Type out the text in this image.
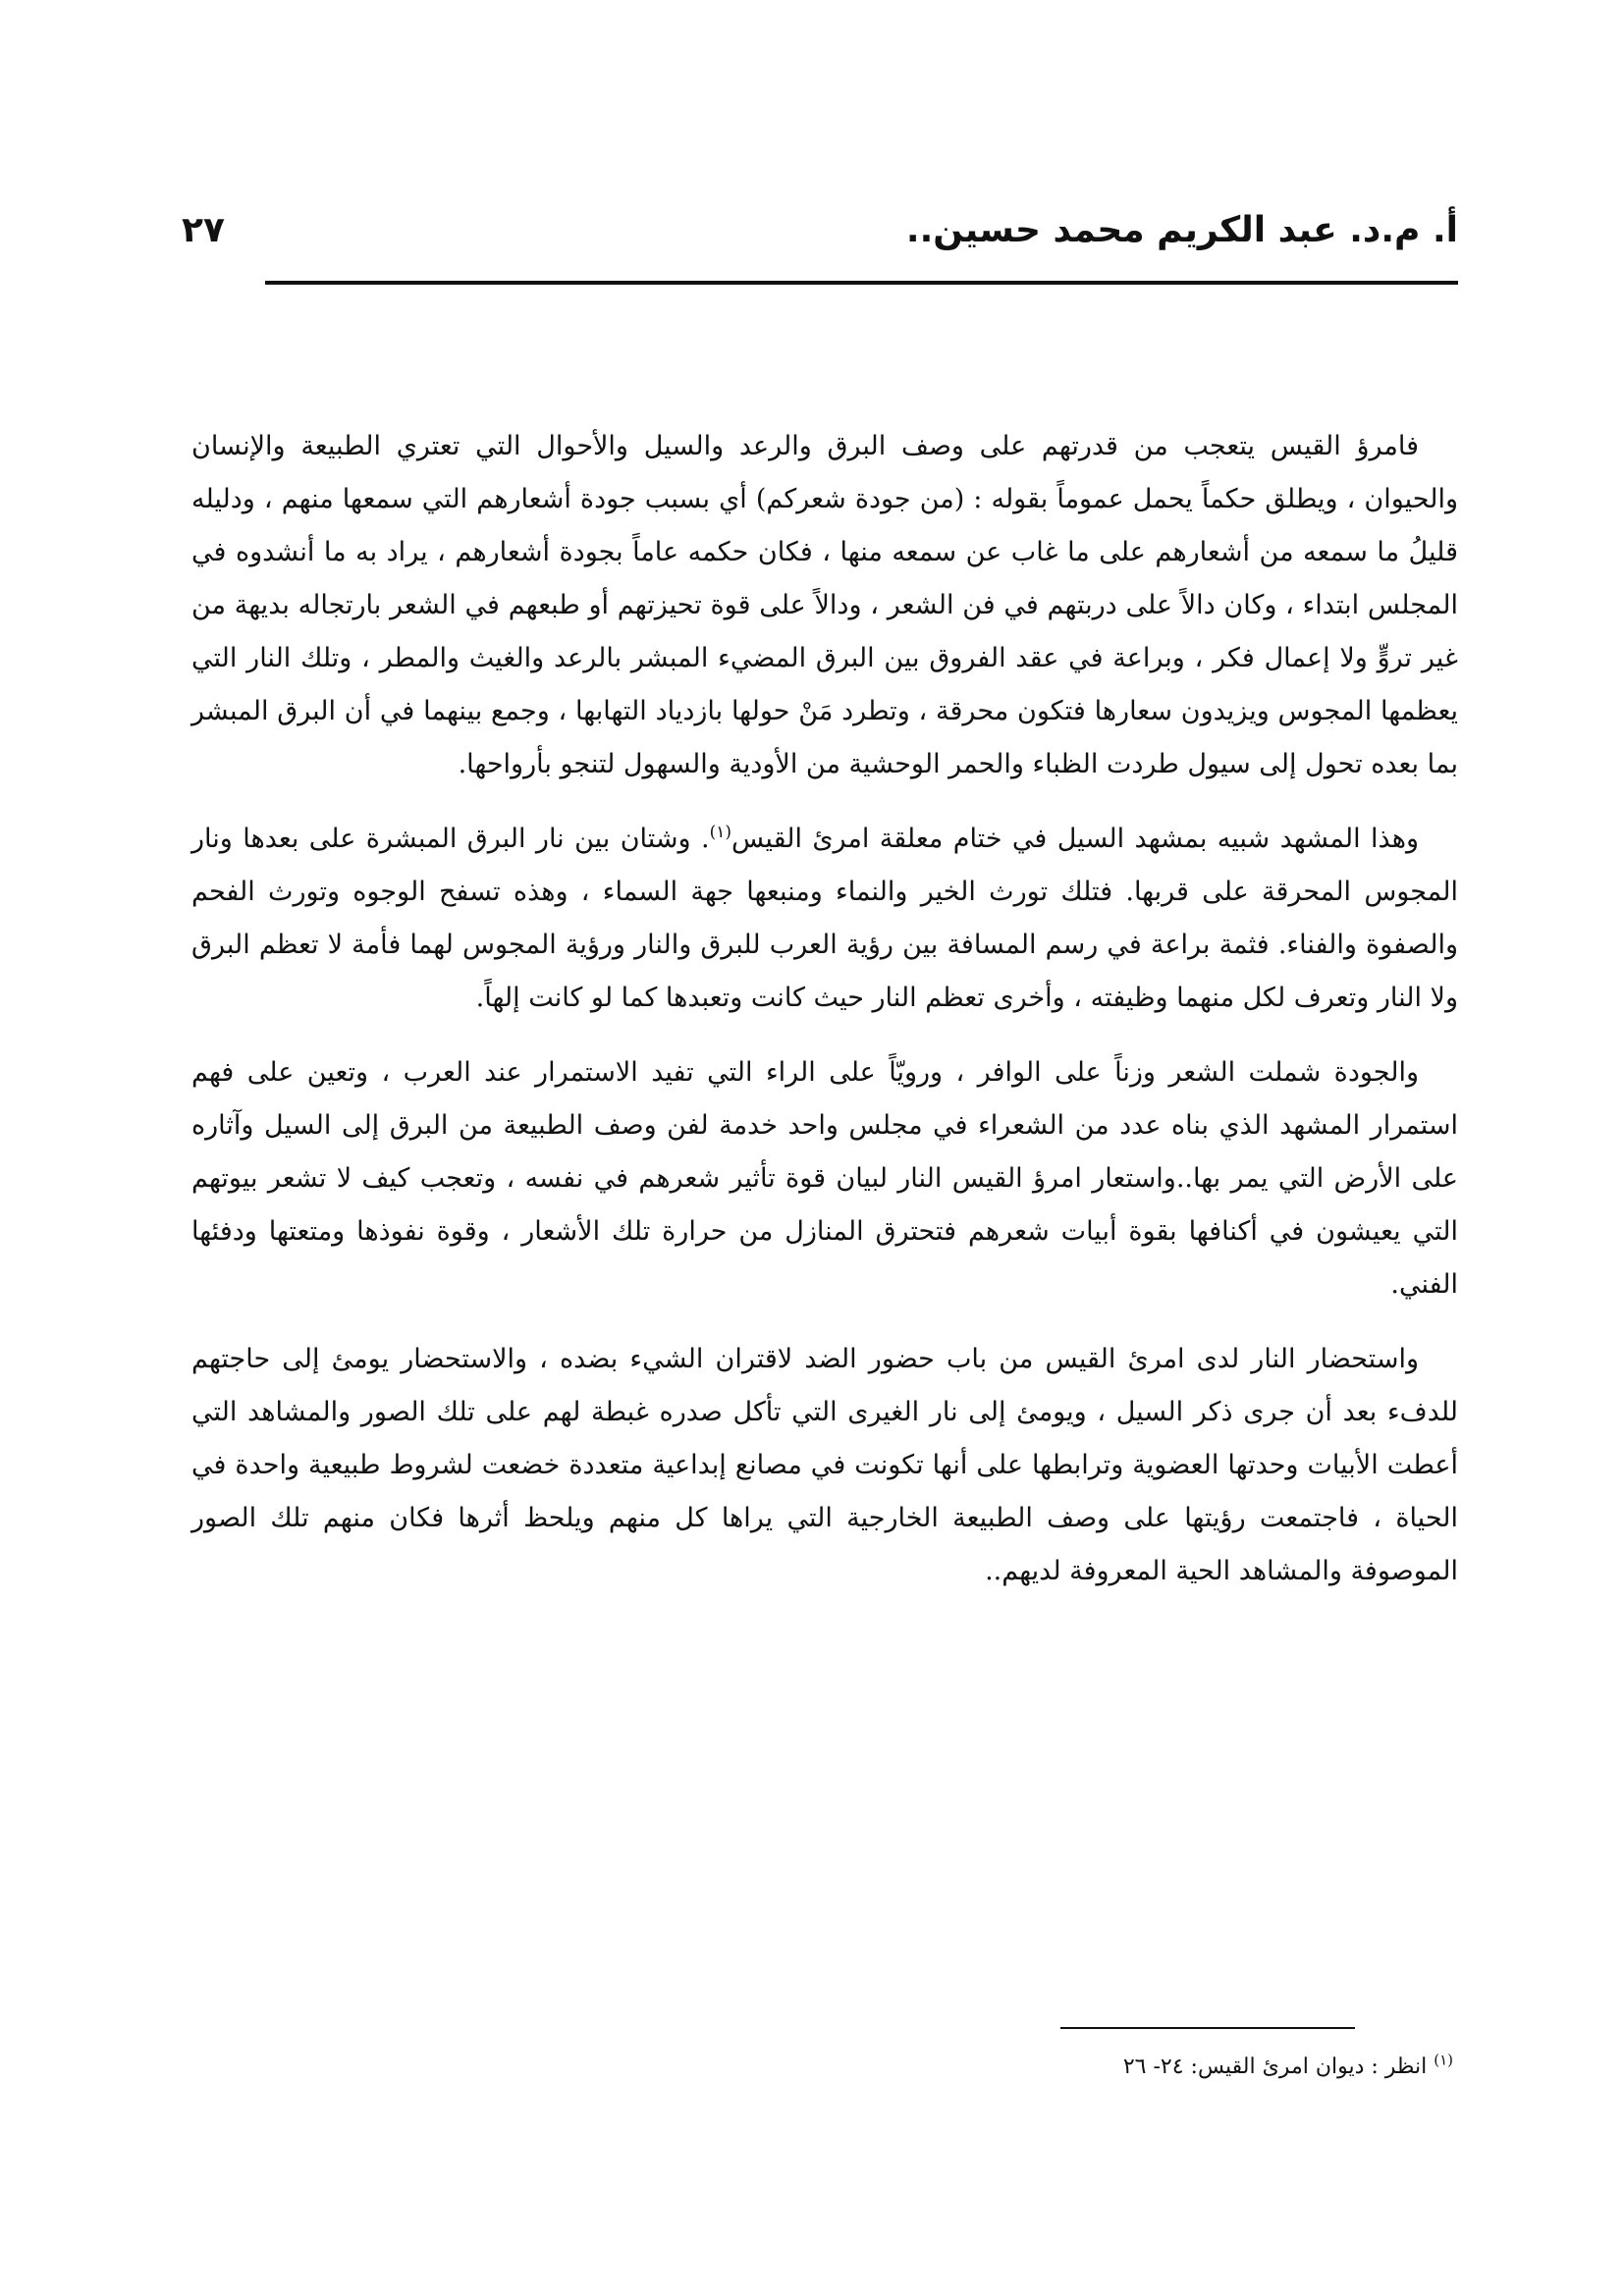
أ. م.د. عبد الكريم محمد حسين..
٢٧

فامرؤ القيس يتعجب من قدرتهم على وصف البرق والرعد والسيل والأحوال التي تعتري الطبيعة والإنسان والحيوان ، ويطلق حكماً يحمل عموماً بقوله : (من جودة شعركم) أي بسبب جودة أشعارهم التي سمعها منهم ، ودليله قليلُ ما سمعه من أشعارهم على ما غاب عن سمعه منها ، فكان حكمه عاماً بجودة أشعارهم ، يراد به ما أنشدوه في المجلس ابتداء ، وكان دالاً على دربتهم في فن الشعر ، ودالاً على قوة تحيزتهم أو طبعهم في الشعر بارتجاله بديهة من غير تروٍّ ولا إعمال فكر ، وبراعة في عقد الفروق بين البرق المضيء المبشر بالرعد والغيث والمطر ، وتلك النار التي يعظمها المجوس ويزيدون سعارها فتكون محرقة ، وتطرد مَنْ حولها بازدياد التهابها ، وجمع بينهما في أن البرق المبشر بما بعده تحول إلى سيول طردت الظباء والحمر الوحشية من الأودية والسهول لتنجو بأرواحها.

وهذا المشهد شبيه بمشهد السيل في ختام معلقة امرئ القيس$^{(١)}$. وشتان بين نار البرق المبشرة على بعدها ونار المجوس المحرقة على قربها. فتلك تورث الخير والنماء ومنبعها جهة السماء ، وهذه تسفح الوجوه وتورث الفحم والصفوة والفناء. فثمة براعة في رسم المسافة بين رؤية العرب للبرق والنار ورؤية المجوس لهما فأمة لا تعظم البرق ولا النار وتعرف لكل منهما وظيفته ، وأخرى تعظم النار حيث كانت وتعبدها كما لو كانت إلهاً.

والجودة شملت الشعر وزناً على الوافر ، ورويّاً على الراء التي تفيد الاستمرار عند العرب ، وتعين على فهم استمرار المشهد الذي بناه عدد من الشعراء في مجلس واحد خدمة لفن وصف الطبيعة من البرق إلى السيل وآثاره على الأرض التي يمر بها..واستعار امرؤ القيس النار لبيان قوة تأثير شعرهم في نفسه ، وتعجب كيف لا تشعر بيوتهم التي يعيشون في أكنافها بقوة أبيات شعرهم فتحترق المنازل من حرارة تلك الأشعار ، وقوة نفوذها ومتعتها ودفئها الفني.

واستحضار النار لدى امرئ القيس من باب حضور الضد لاقتران الشيء بضده ، والاستحضار يومئ إلى حاجتهم للدفء بعد أن جرى ذكر السيل ، ويومئ إلى نار الغيرى التي تأكل صدره غبطة لهم على تلك الصور والمشاهد التي أعطت الأبيات وحدتها العضوية وترابطها على أنها تكونت في مصانع إبداعية متعددة خضعت لشروط طبيعية واحدة في الحياة ، فاجتمعت رؤيتها على وصف الطبيعة الخارجية التي يراها كل منهم ويلحظ أثرها فكان منهم تلك الصور الموصوفة والمشاهد الحية المعروفة لديهم..

$^{(١)}$ انظر : ديوان امرئ القيس: ٢٤- ٢٦
